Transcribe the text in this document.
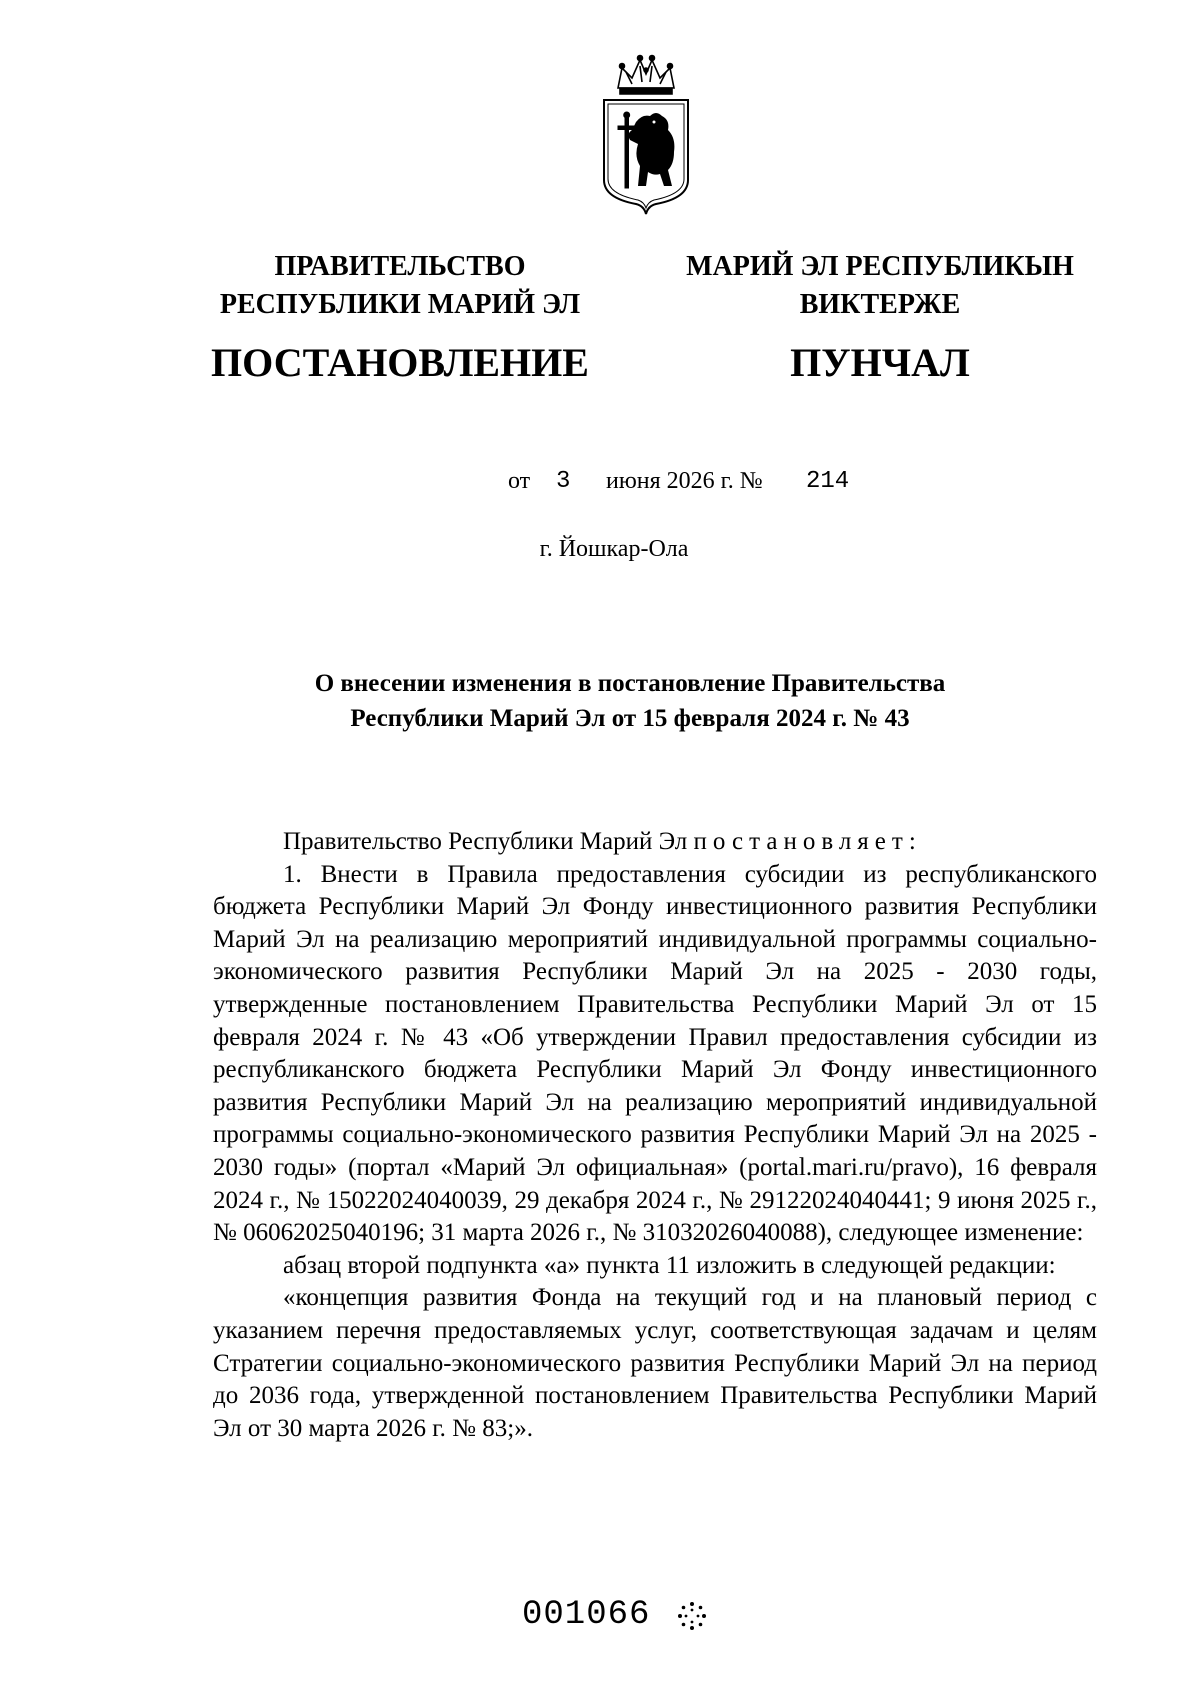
ПРАВИТЕЛЬСТВО
РЕСПУБЛИКИ МАРИЙ ЭЛ
ПОСТАНОВЛЕНИЕ
МАРИЙ ЭЛ РЕСПУБЛИКЫН
ВИКТЕРЖЕ
ПУНЧАЛ
от 3 июня 2026 г. № 214
г. Йошкар-Ола
О внесении изменения в постановление Правительства Республики Марий Эл от 15 февраля 2024 г. № 43

Правительство Республики Марий Эл постановляет:

1. Внести в Правила предоставления субсидии из республиканского бюджета Республики Марий Эл Фонду инвестиционного развития Республики Марий Эл на реализацию мероприятий индивидуальной программы социально-экономического развития Республики Марий Эл на 2025 - 2030 годы, утвержденные постановлением Правительства Республики Марий Эл от 15 февраля 2024 г. № 43 «Об утверждении Правил предоставления субсидии из республиканского бюджета Республики Марий Эл Фонду инвестиционного развития Республики Марий Эл на реализацию мероприятий индивидуальной программы социально-экономического развития Республики Марий Эл на 2025 - 2030 годы» (портал «Марий Эл официальная» (portal.mari.ru/pravo), 16 февраля 2024 г., № 15022024040039, 29 декабря 2024 г., № 29122024040441; 9 июня 2025 г., № 06062025040196; 31 марта 2026 г., № 31032026040088), следующее изменение:

абзац второй подпункта «а» пункта 11 изложить в следующей редакции:

«концепция развития Фонда на текущий год и на плановый период с указанием перечня предоставляемых услуг, соответствующая задачам и целям Стратегии социально-экономического развития Республики Марий Эл на период до 2036 года, утвержденной постановлением Правительства Республики Марий Эл от 30 марта 2026 г. № 83;».

001066
